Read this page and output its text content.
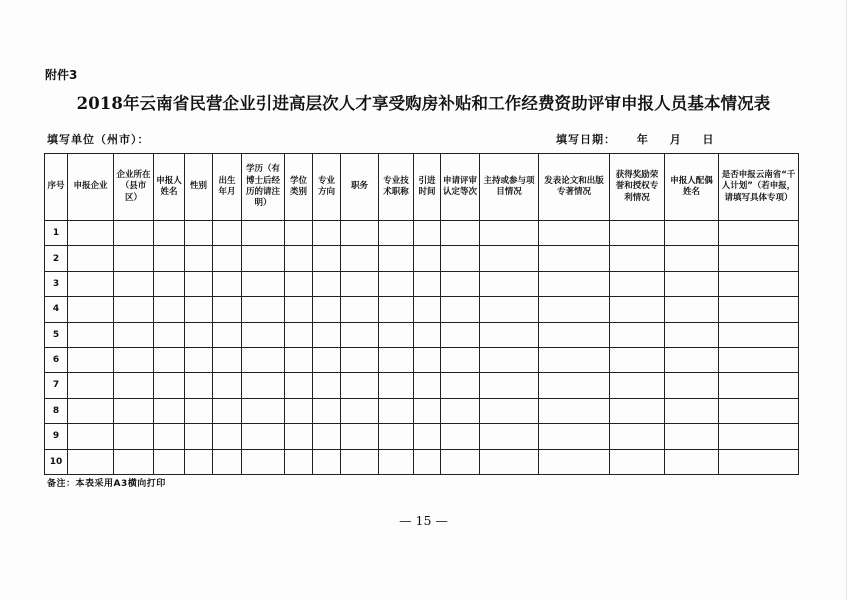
附件3
2018年云南省民营企业引进高层次人才享受购房补贴和工作经费资助评审申报人员基本情况表
填写单位（州市）：	填写日期： 年 月 日
序号	申报企业	企业所在（县市区）	申报人姓名	性别	出生年月	学历（有博士后经历的请注明）	学位类别	专业方向	职务	专业技术职称	引进时间	申请评审认定等次	主持或参与项目情况	发表论文和出版专著情况	获得奖励荣誉和授权专利情况	申报人配偶姓名	是否申报云南省“千人计划”（若申报，请填写具体专项）
1																	
2																	
3																	
4																	
5																	
6																	
7																	
8																	
9																	
10																	
备注：本表采用A3横向打印
— 15 —
